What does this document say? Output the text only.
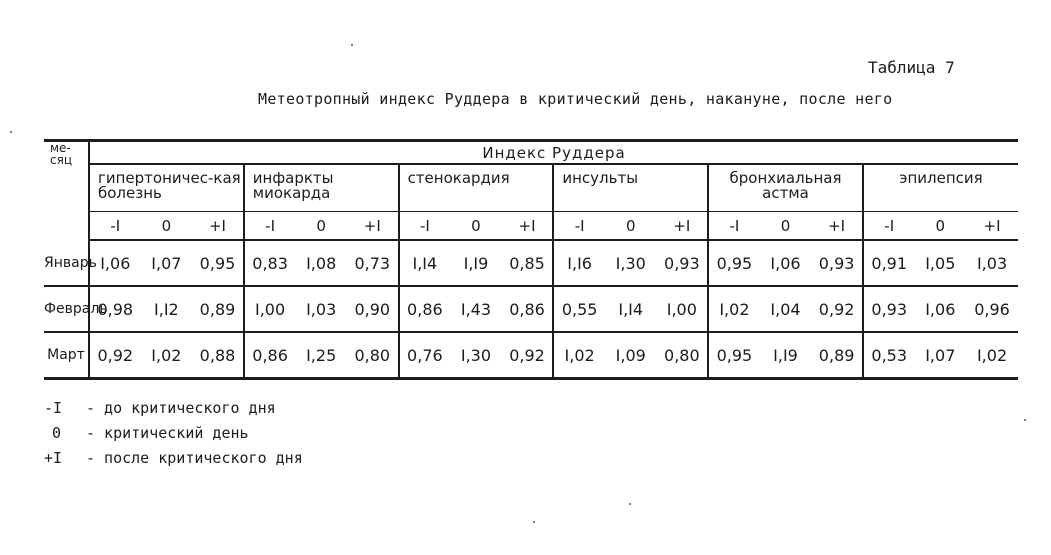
Таблица 7
Метеотропный индекс Руддера в критический день, накануне, после него
ме-сяц	Индекс Руддера																	
	гипертоничес-кая болезнь			инфаркты миокарда			стенокардия			инсульты			бронхиальная астма			эпилепсия		
	-I	0	+I	-I	0	+I	-I	0	+I	-I	0	+I	-I	0	+I	-I	0	+I
Январь	I,06	I,07	0,95	0,83	I,08	0,73	I,I4	I,I9	0,85	I,I6	I,30	0,93	0,95	I,06	0,93	0,91	I,05	I,03
Февраль	0,98	I,I2	0,89	I,00	I,03	0,90	0,86	I,43	0,86	0,55	I,I4	I,00	I,02	I,04	0,92	0,93	I,06	0,96
Март	0,92	I,02	0,88	0,86	I,25	0,80	0,76	I,30	0,92	I,02	I,09	0,80	0,95	I,I9	0,89	0,53	I,07	I,02
-I - до критического дня
0 - критический день
+I - после критического дня
